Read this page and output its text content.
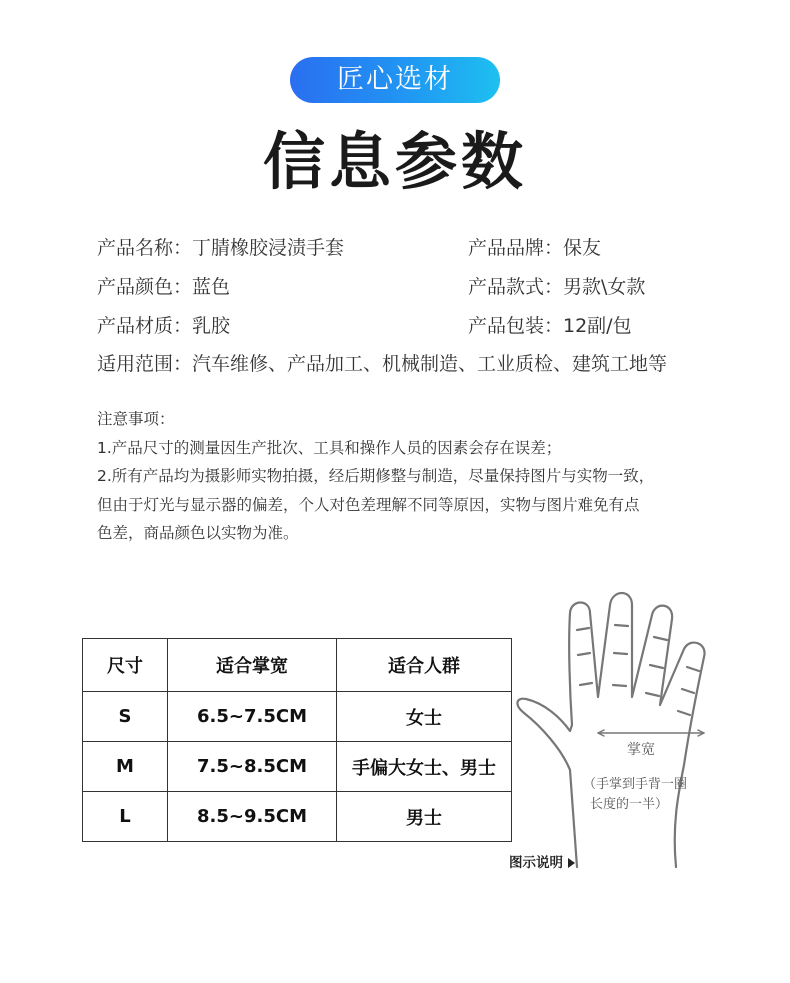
匠心选材
信息参数
产品名称：丁腈橡胶浸渍手套	产品品牌：保友
产品颜色：蓝色	产品款式：男款\女款
产品材质：乳胶	产品包装：12副/包
适用范围：汽车维修、产品加工、机械制造、工业质检、建筑工地等
注意事项：
1.产品尺寸的测量因生产批次、工具和操作人员的因素会存在误差；
2.所有产品均为摄影师实物拍摄，经后期修整与制造，尽量保持图片与实物一致，
但由于灯光与显示器的偏差，个人对色差理解不同等原因，实物与图片难免有点
色差，商品颜色以实物为准。
尺寸	适合掌宽	适合人群
S	6.5~7.5CM	女士
M	7.5~8.5CM	手偏大女士、男士
L	8.5~9.5CM	男士
掌宽
（手掌到手背一圈
长度的一半）
图示说明
